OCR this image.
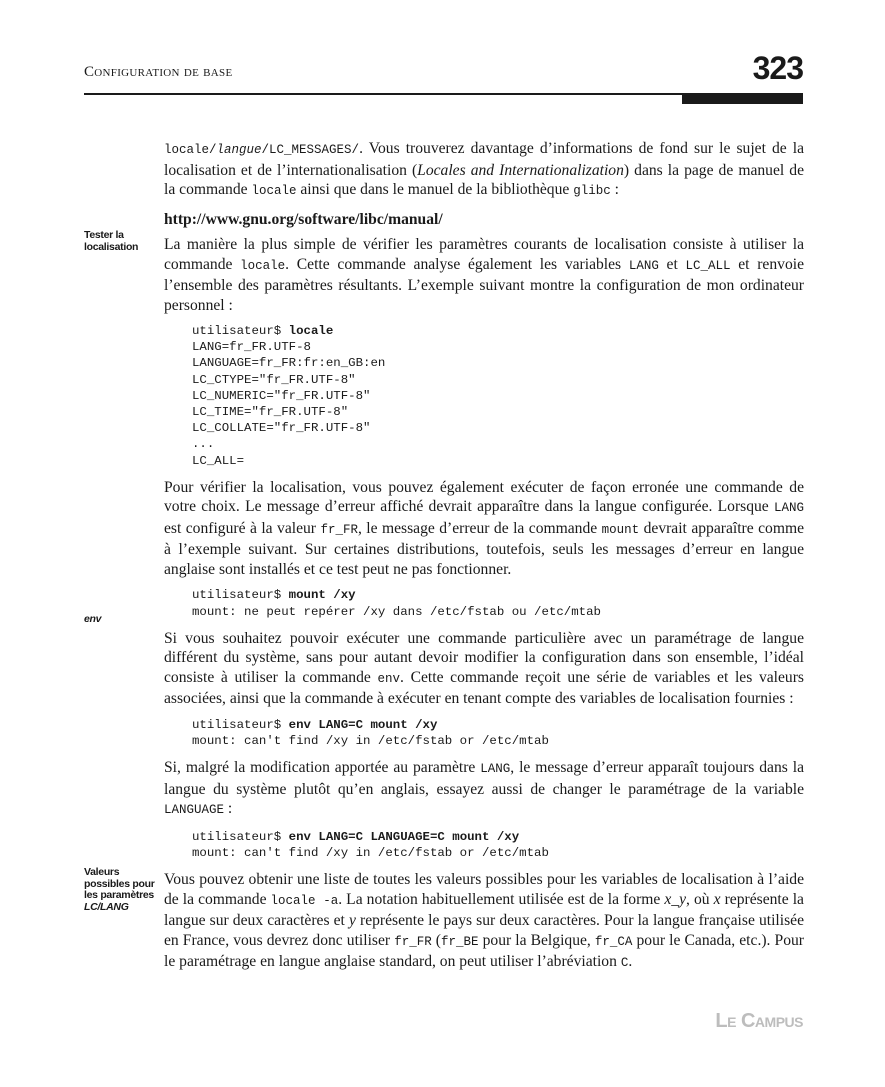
Configuration de base	323
Tester la
localisation
env
Valeurs
possibles pour
les paramètres
LC/LANG

locale/langue/LC_MESSAGES/. Vous trouverez davantage d’informations de fond sur le sujet de la localisation et de l’internationalisation (Locales and Internationalization) dans la page de manuel de la commande locale ainsi que dans le manuel de la bibliothèque glibc :

http://www.gnu.org/software/libc/manual/

La manière la plus simple de vérifier les paramètres courants de localisation consiste à utiliser la commande locale. Cette commande analyse également les variables LANG et LC_ALL et renvoie l’ensemble des paramètres résultants. L’exemple suivant montre la configuration de mon ordinateur personnel :

utilisateur$ locale
LANG=fr_FR.UTF-8
LANGUAGE=fr_FR:fr:en_GB:en
LC_CTYPE="fr_FR.UTF-8"
LC_NUMERIC="fr_FR.UTF-8"
LC_TIME="fr_FR.UTF-8"
LC_COLLATE="fr_FR.UTF-8"
...
LC_ALL=

Pour vérifier la localisation, vous pouvez également exécuter de façon erronée une commande de votre choix. Le message d’erreur affiché devrait apparaître dans la langue configurée. Lorsque LANG est configuré à la valeur fr_FR, le message d’erreur de la commande mount devrait apparaître comme à l’exemple suivant. Sur certaines distributions, toutefois, seuls les messages d’erreur en langue anglaise sont installés et ce test peut ne pas fonctionner.

utilisateur$ mount /xy
mount: ne peut repérer /xy dans /etc/fstab ou /etc/mtab

Si vous souhaitez pouvoir exécuter une commande particulière avec un paramétrage de langue différent du système, sans pour autant devoir modifier la configuration dans son ensemble, l’idéal consiste à utiliser la commande env. Cette commande reçoit une série de variables et les valeurs associées, ainsi que la commande à exécuter en tenant compte des variables de localisation fournies :

utilisateur$ env LANG=C mount /xy
mount: can't find /xy in /etc/fstab or /etc/mtab

Si, malgré la modification apportée au paramètre LANG, le message d’erreur apparaît toujours dans la langue du système plutôt qu’en anglais, essayez aussi de changer le paramétrage de la variable LANGUAGE :

utilisateur$ env LANG=C LANGUAGE=C mount /xy
mount: can't find /xy in /etc/fstab or /etc/mtab

Vous pouvez obtenir une liste de toutes les valeurs possibles pour les variables de localisation à l’aide de la commande locale -a. La notation habituellement utilisée est de la forme x_y, où x représente la langue sur deux caractères et y représente le pays sur deux caractères. Pour la langue française utilisée en France, vous devrez donc utiliser fr_FR (fr_BE pour la Belgique, fr_CA pour le Canada, etc.). Pour le paramétrage en langue anglaise standard, on peut utiliser l’abréviation C.

Le Campus
